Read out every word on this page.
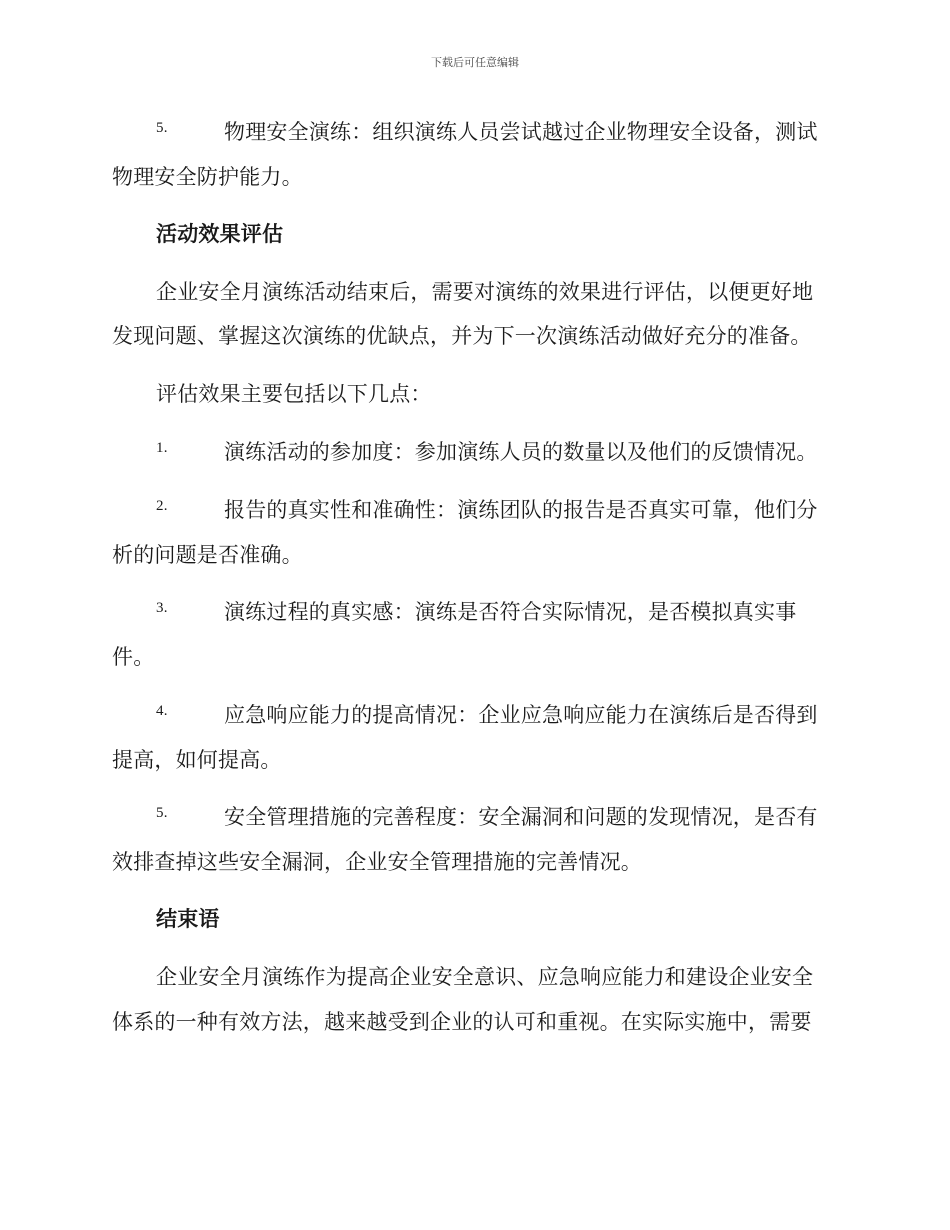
下载后可任意编辑
5.	物理安全演练：组织演练人员尝试越过企业物理安全设备，测试
物理安全防护能力。
活动效果评估
企业安全月演练活动结束后，需要对演练的效果进行评估，以便更好地
发现问题、掌握这次演练的优缺点，并为下一次演练活动做好充分的准备。
评估效果主要包括以下几点：
1.	演练活动的参加度：参加演练人员的数量以及他们的反馈情况。
2.	报告的真实性和准确性：演练团队的报告是否真实可靠，他们分
析的问题是否准确。
3.	演练过程的真实感：演练是否符合实际情况，是否模拟真实事
件。
4.	应急响应能力的提高情况：企业应急响应能力在演练后是否得到
提高，如何提高。
5.	安全管理措施的完善程度：安全漏洞和问题的发现情况，是否有
效排查掉这些安全漏洞，企业安全管理措施的完善情况。
结束语
企业安全月演练作为提高企业安全意识、应急响应能力和建设企业安全
体系的一种有效方法，越来越受到企业的认可和重视。在实际实施中，需要
